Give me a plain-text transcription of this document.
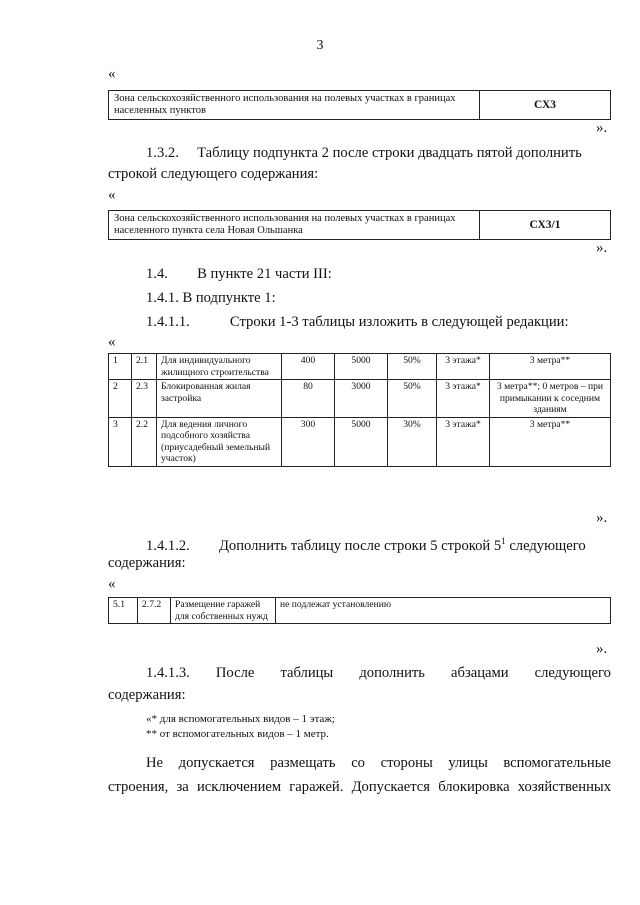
3
«
Зона сельскохозяйственного использования на полевых участках в границах населенных пунктов	СХ3
».
1.3.2. Таблицу подпункта 2 после строки двадцать пятой дополнить
строкой следующего содержания:
«
Зона сельскохозяйственного использования на полевых участках в границах населенного пункта села Новая Ольшанка	СХ3/1
».
1.4.        В пункте 21 части III:
1.4.1. В подпункте 1:
1.4.1.1.	Строки 1-3 таблицы изложить в следующей редакции:
«
1	2.1	Для индивидуального жилищного строительства	400	5000	50%	3 этажа*	3 метра**
2	2.3	Блокированная жилая застройка	80	3000	50%	3 этажа*	3 метра**; 0 метров – при примыкании к соседним зданиям
3	2.2	Для ведения личного подсобного хозяйства (приусадебный земельный участок)	300	5000	30%	3 этажа*	3 метра**
».
1.4.1.2. Дополнить таблицу после строки 5 строкой $5^1$ следующего
содержания:
«
5.1	2.7.2	Размещение гаражей для собственных нужд	не подлежат установлению
».
1.4.1.3. После таблицы дополнить абзацами следующего
содержания:
«* для вспомогательных видов – 1 этаж;
** от вспомогательных видов – 1 метр.
Не допускается размещать со стороны улицы вспомогательные
строения, за исключением гаражей. Допускается блокировка хозяйственных
